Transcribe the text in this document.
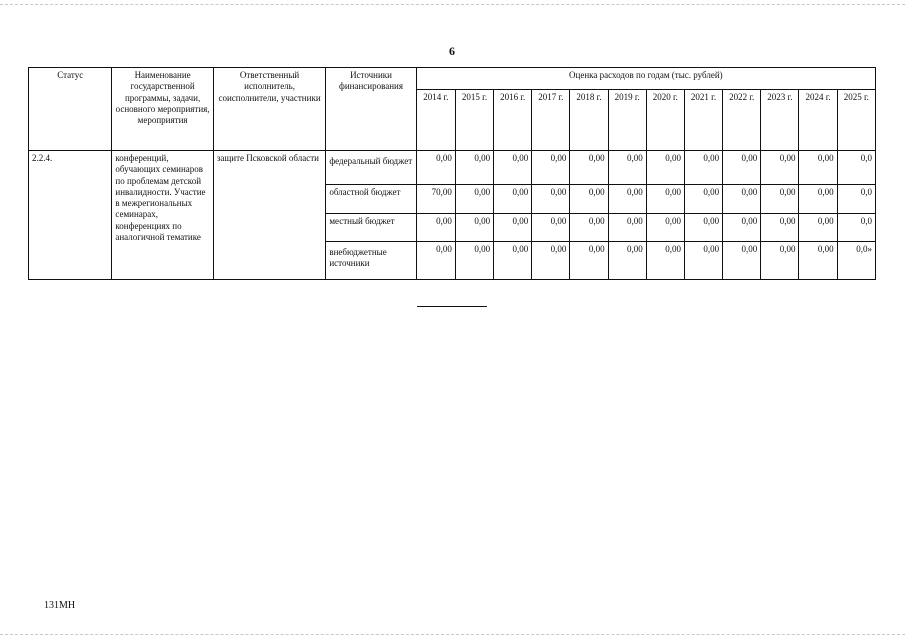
6
Статус	Наименование государственной программы, задачи, основного мероприятия, мероприятия	Ответственный исполнитель, соисполнители, участники	Источники финансирования	Оценка расходов по годам (тыс. рублей)											
				2014 г.	2015 г.	2016 г.	2017 г.	2018 г.	2019 г.	2020 г.	2021 г.	2022 г.	2023 г.	2024 г.	2025 г.
2.2.4.	конференций, обучающих семинаров по проблемам детской инвалидности. Участие в межрегиональных семинарах, конференциях по аналогичной тематике	защите Псковской области	федеральный бюджет	0,00	0,00	0,00	0,00	0,00	0,00	0,00	0,00	0,00	0,00	0,00	0,0
			областной бюджет	70,00	0,00	0,00	0,00	0,00	0,00	0,00	0,00	0,00	0,00	0,00	0,0
			местный бюджет	0,00	0,00	0,00	0,00	0,00	0,00	0,00	0,00	0,00	0,00	0,00	0,0
			внебюджетные источники	0,00	0,00	0,00	0,00	0,00	0,00	0,00	0,00	0,00	0,00	0,00	0,0»
131МН
